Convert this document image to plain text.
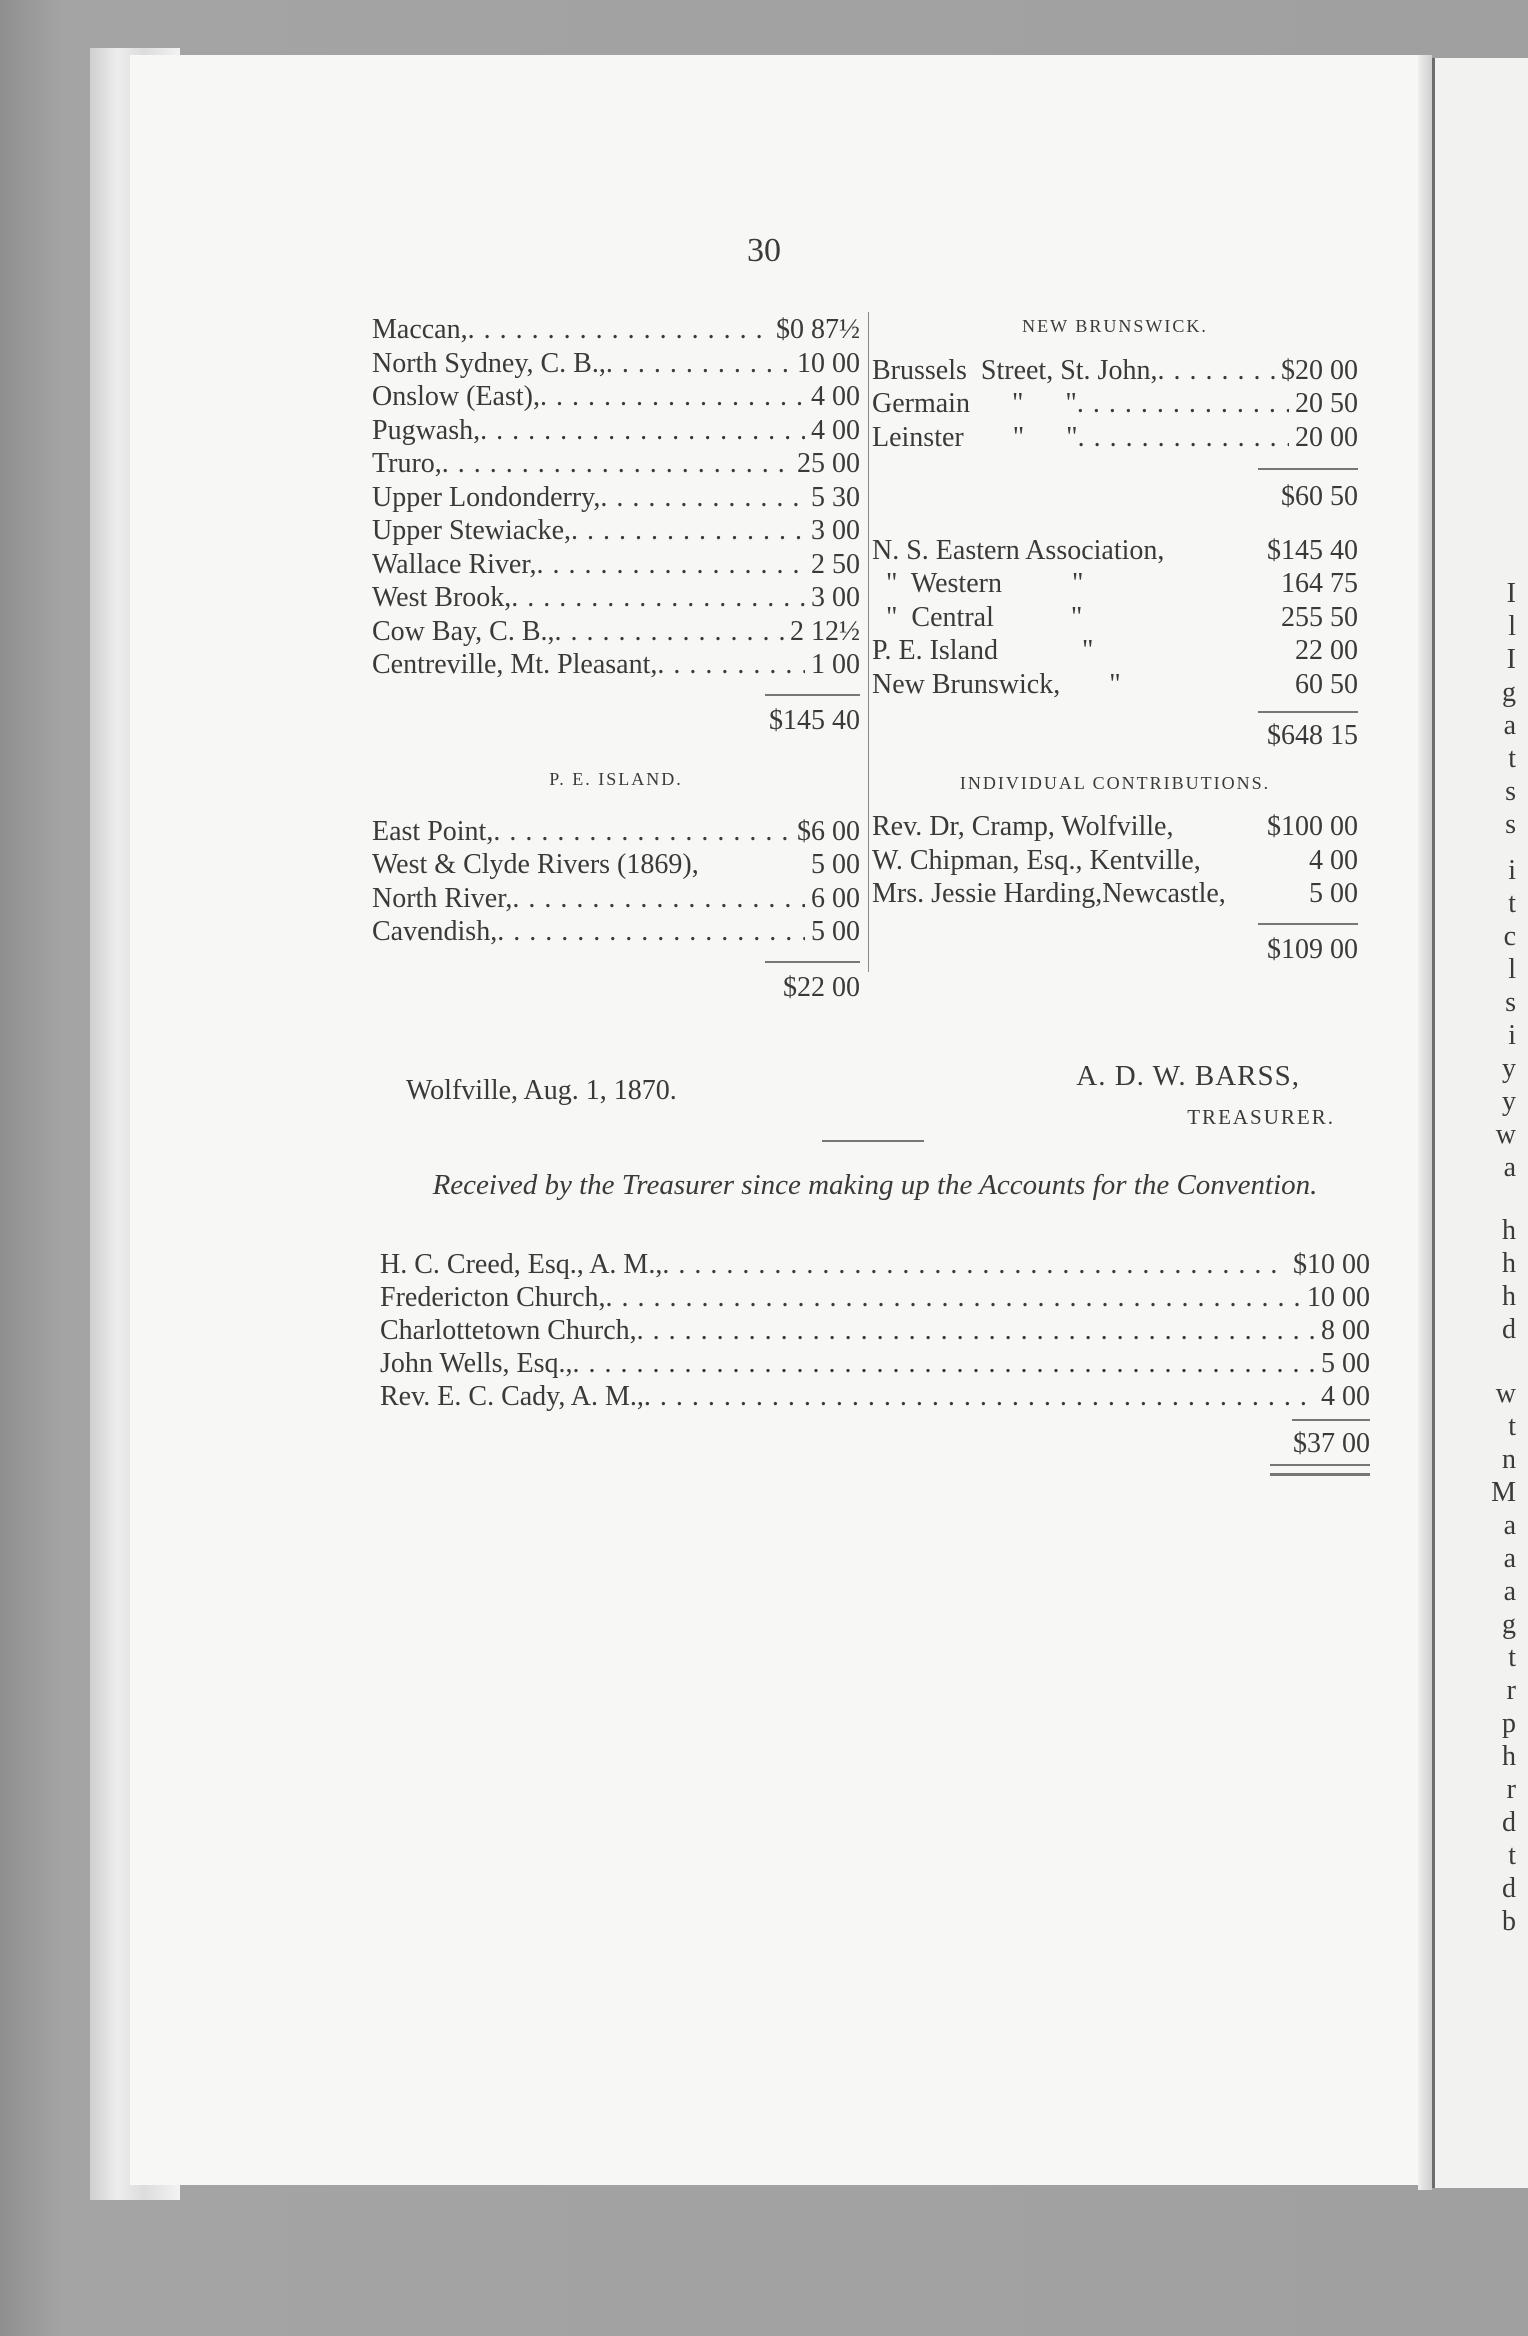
30
Maccan, . . .	$0 87½
North Sydney, C. B., . . .	10 00
Onslow (East), . . .	4 00
Pugwash, . . .	4 00
Truro, . . .	25 00
Upper Londonderry, . . .	5 30
Upper Stewiacke, . . .	3 00
Wallace River, . . .	2 50
West Brook, . . .	3 00
Cow Bay, C. B., . . .	2 12½
Centreville, Mt. Pleasant, . . .	1 00
$145 40
P. E. ISLAND.
East Point, . . .	$6 00
West & Clyde Rivers (1869),	5 00
North River, . . .	6 00
Cavendish, . . .	5 00
$22 00
NEW BRUNSWICK.
Brussels  Street, St. John, . . .	$20 00
Germain      "      " . . .	20 50
Leinster       "      " . . .	20 00
$60 50
N. S. Eastern Association,	$145 40
"  Western          "	164 75
"  Central           "	255 50
P. E. Island            "	22 00
New Brunswick,       "	60 50
$648 15
INDIVIDUAL CONTRIBUTIONS.
Rev. Dr, Cramp, Wolfville,	$100 00
W. Chipman, Esq., Kentville,	4 00
Mrs. Jessie Harding,Newcastle,	5 00
$109 00
A. D. W. BARSS,
TREASURER.
Wolfville, Aug. 1, 1870.
Received by the Treasurer since making up the Accounts for the Convention.
H. C. Creed, Esq., A. M., . . .	$10 00
Fredericton Church, . . .	10 00
Charlottetown Church, . . .	8 00
John Wells, Esq., . . .	5 00
Rev. E. C. Cady, A. M., . . .	4 00
$37 00
I
l
I
g
a
t
s
s
i
t
c
l
s
i
y
y
w
a
h
h
h
d
w
t
n
M
a
a
a
g
t
r
p
h
r
d
t
d
b
